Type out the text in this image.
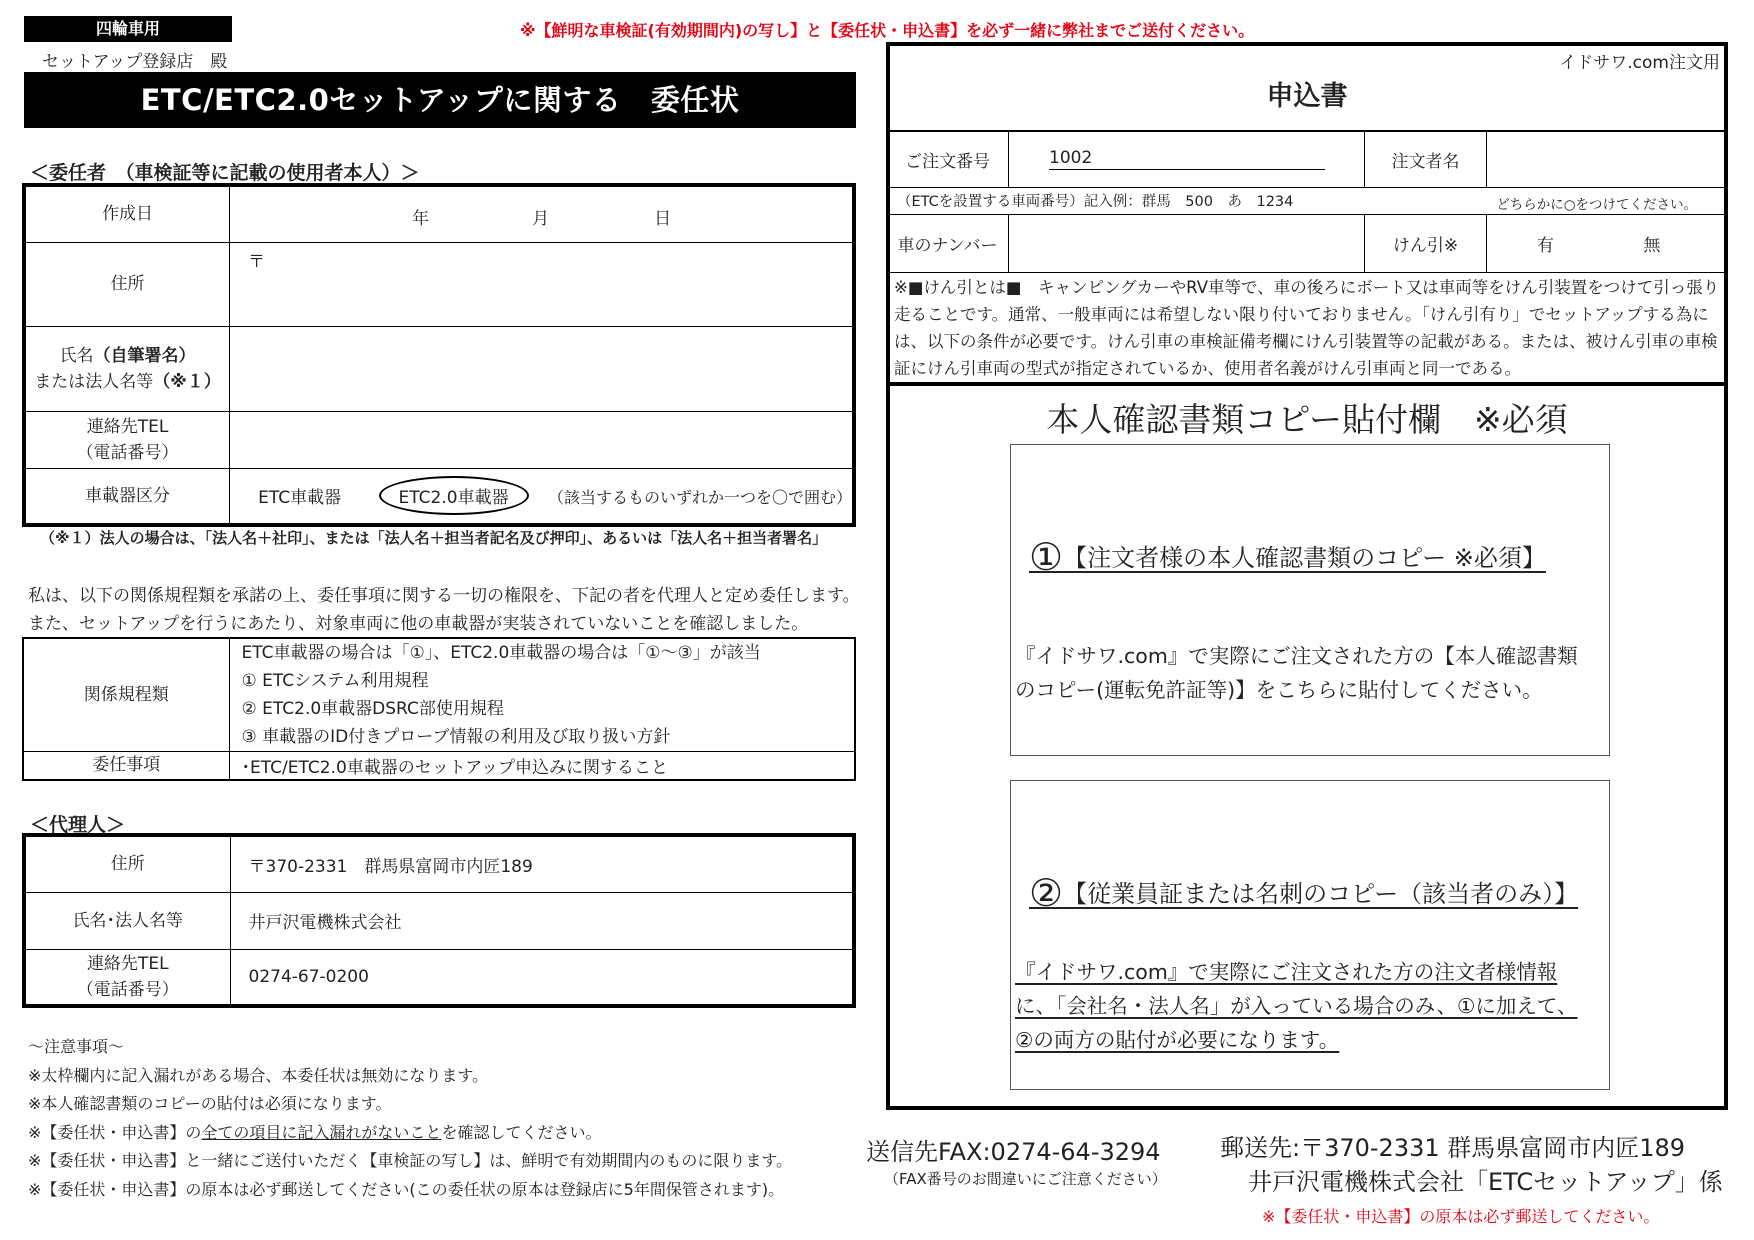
四輪車用	※【鮮明な車検証(有効期間内)の写し】と【委任状・申込書】を必ず一緒に弊社までご送付ください。
セットアップ登録店　殿
ETC/ETC2.0セットアップに関する　委任状
＜委任者　（車検証等に記載の使用者本人）＞
作成日	年 月 日

住所	〒
氏名（自筆署名）
または法人名等（※１）	
連絡先TEL
（電話番号）	
車載器区分	ETC車載器 ETC2.0車載器 （該当するものいずれか一つを〇で囲む）
（※１）法人の場合は、「法人名＋社印」、または「法人名＋担当者記名及び押印」、あるいは「法人名＋担当者署名」
私は、以下の関係規程類を承諾の上、委任事項に関する一切の権限を、下記の者を代理人と定め委任します。
また、セットアップを行うにあたり、対象車両に他の車載器が実装されていないことを確認しました。
関係規程類	ETC車載器の場合は「①」、ETC2.0車載器の場合は「①～③」が該当
① ETCシステム利用規程
② ETC2.0車載器DSRC部使用規程
③ 車載器のID付きプローブ情報の利用及び取り扱い方針

委任事項	･ETC/ETC2.0車載器のセットアップ申込みに関すること
＜代理人＞
住所	〒370-2331　群馬県富岡市内匠189
氏名･法人名等	井戸沢電機株式会社
連絡先TEL
（電話番号）	0274-67-0200
～注意事項～
※太枠欄内に記入漏れがある場合、本委任状は無効になります。
※本人確認書類のコピーの貼付は必須になります。
※【委任状・申込書】の全ての項目に記入漏れがないことを確認してください。
※【委任状・申込書】と一緒にご送付いただく【車検証の写し】は、鮮明で有効期間内のものに限ります。
※【委任状・申込書】の原本は必ず郵送してください(この委任状の原本は登録店に5年間保管されます)。
イドサワ.com注文用
申込書
ご注文番号	1002	注文者名	
（ETCを設置する車両番号）記入例：群馬　500　あ　1234 どちらかに○をつけてください。			

車のナンバー		けん引※	有 無
※■けん引とは■　キャンピングカーやRV車等で、車の後ろにボート又は車両等をけん引装置をつけて引っ張り走ることです。通常、一般車両には希望しない限り付いておりません。「けん引有り」でセットアップする為には、以下の条件が必要です。けん引車の車検証備考欄にけん引装置等の記載がある。または、被けん引車の車検証にけん引車両の型式が指定されているか、使用者名義がけん引車両と同一である。
本人確認書類コピー貼付欄　※必須
①【注文者様の本人確認書類のコピー ※必須】
『イドサワ.com』で実際にご注文された方の【本人確認書類
のコピー(運転免許証等)】をこちらに貼付してください。
②【従業員証または名刺のコピー（該当者のみ）】
『イドサワ.com』で実際にご注文された方の注文者様情報
に、「会社名・法人名」が入っている場合のみ、①に加えて、
②の両方の貼付が必要になります。
送信先FAX:0274-64-3294
（FAX番号のお間違いにご注意ください）
郵送先:〒370-2331 群馬県富岡市内匠189
井戸沢電機株式会社「ETCセットアップ」係
※【委任状・申込書】の原本は必ず郵送してください。
